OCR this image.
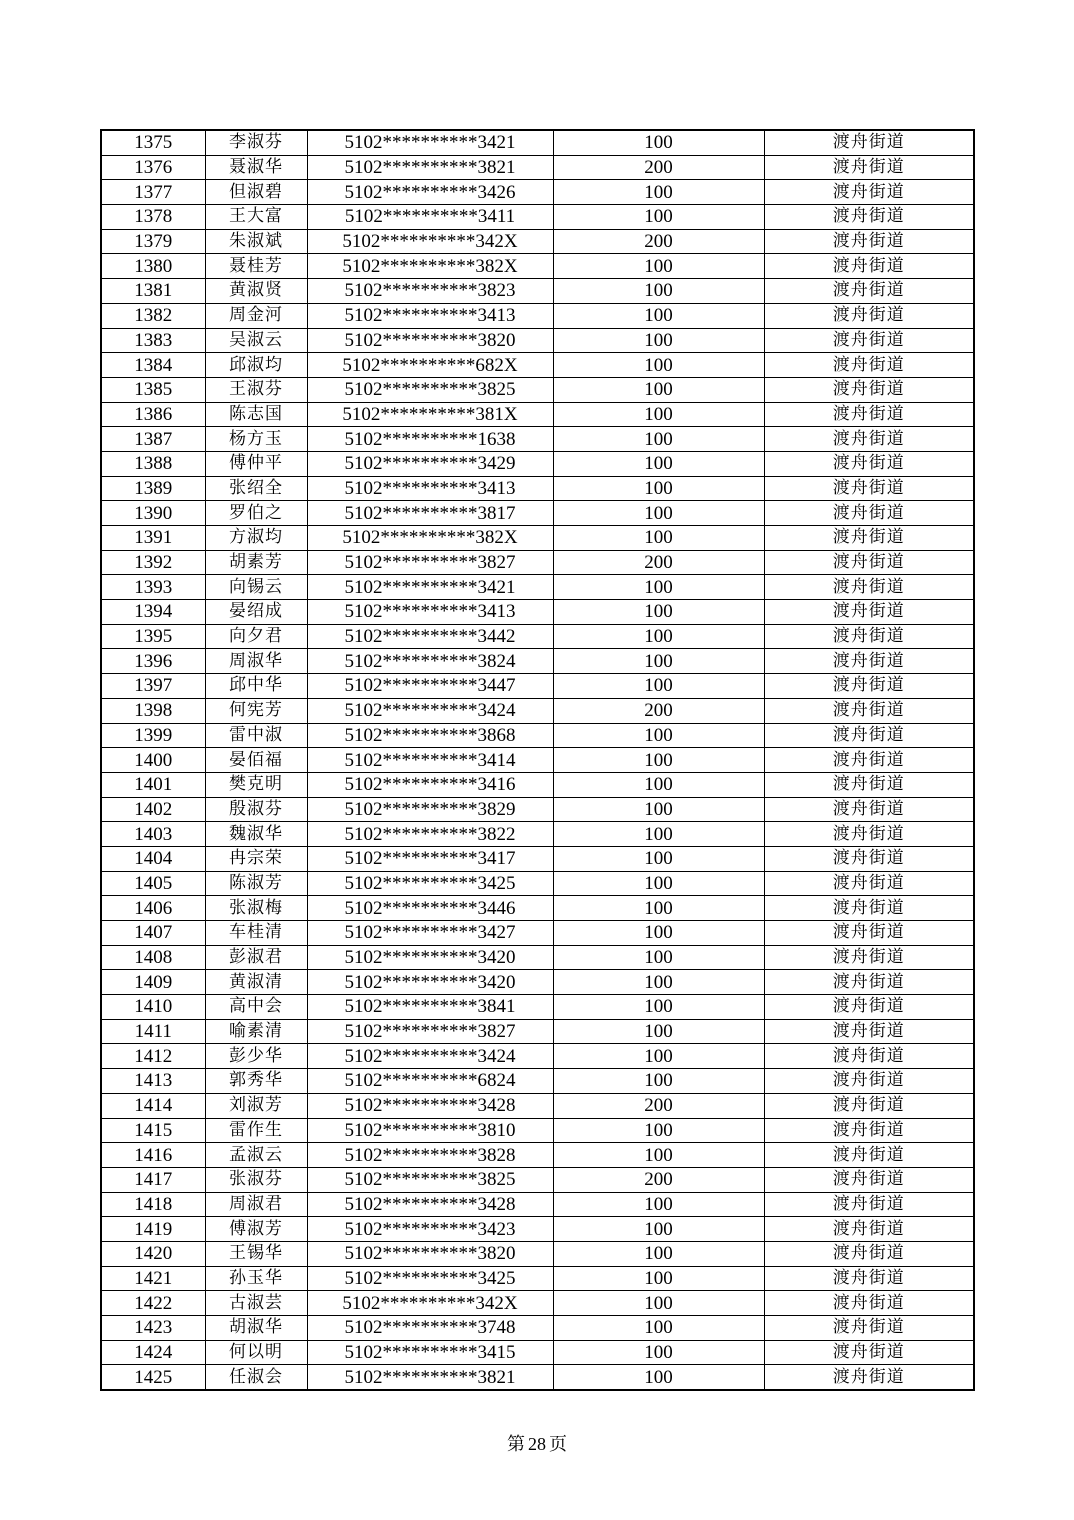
1375	李淑芬	5102**********3421	100	渡舟街道
1376	聂淑华	5102**********3821	200	渡舟街道
1377	但淑碧	5102**********3426	100	渡舟街道
1378	王大富	5102**********3411	100	渡舟街道
1379	朱淑斌	5102**********342X	200	渡舟街道
1380	聂桂芳	5102**********382X	100	渡舟街道
1381	黄淑贤	5102**********3823	100	渡舟街道
1382	周金河	5102**********3413	100	渡舟街道
1383	吴淑云	5102**********3820	100	渡舟街道
1384	邱淑均	5102**********682X	100	渡舟街道
1385	王淑芬	5102**********3825	100	渡舟街道
1386	陈志国	5102**********381X	100	渡舟街道
1387	杨方玉	5102**********1638	100	渡舟街道
1388	傅仲平	5102**********3429	100	渡舟街道
1389	张绍全	5102**********3413	100	渡舟街道
1390	罗伯之	5102**********3817	100	渡舟街道
1391	方淑均	5102**********382X	100	渡舟街道
1392	胡素芳	5102**********3827	200	渡舟街道
1393	向锡云	5102**********3421	100	渡舟街道
1394	晏绍成	5102**********3413	100	渡舟街道
1395	向夕君	5102**********3442	100	渡舟街道
1396	周淑华	5102**********3824	100	渡舟街道
1397	邱中华	5102**********3447	100	渡舟街道
1398	何宪芳	5102**********3424	200	渡舟街道
1399	雷中淑	5102**********3868	100	渡舟街道
1400	晏佰福	5102**********3414	100	渡舟街道
1401	樊克明	5102**********3416	100	渡舟街道
1402	殷淑芬	5102**********3829	100	渡舟街道
1403	魏淑华	5102**********3822	100	渡舟街道
1404	冉宗荣	5102**********3417	100	渡舟街道
1405	陈淑芳	5102**********3425	100	渡舟街道
1406	张淑梅	5102**********3446	100	渡舟街道
1407	车桂清	5102**********3427	100	渡舟街道
1408	彭淑君	5102**********3420	100	渡舟街道
1409	黄淑清	5102**********3420	100	渡舟街道
1410	高中会	5102**********3841	100	渡舟街道
1411	喻素清	5102**********3827	100	渡舟街道
1412	彭少华	5102**********3424	100	渡舟街道
1413	郭秀华	5102**********6824	100	渡舟街道
1414	刘淑芳	5102**********3428	200	渡舟街道
1415	雷作生	5102**********3810	100	渡舟街道
1416	孟淑云	5102**********3828	100	渡舟街道
1417	张淑芬	5102**********3825	200	渡舟街道
1418	周淑君	5102**********3428	100	渡舟街道
1419	傅淑芳	5102**********3423	100	渡舟街道
1420	王锡华	5102**********3820	100	渡舟街道
1421	孙玉华	5102**********3425	100	渡舟街道
1422	古淑芸	5102**********342X	100	渡舟街道
1423	胡淑华	5102**********3748	100	渡舟街道
1424	何以明	5102**********3415	100	渡舟街道
1425	任淑会	5102**********3821	100	渡舟街道
第 28 页
